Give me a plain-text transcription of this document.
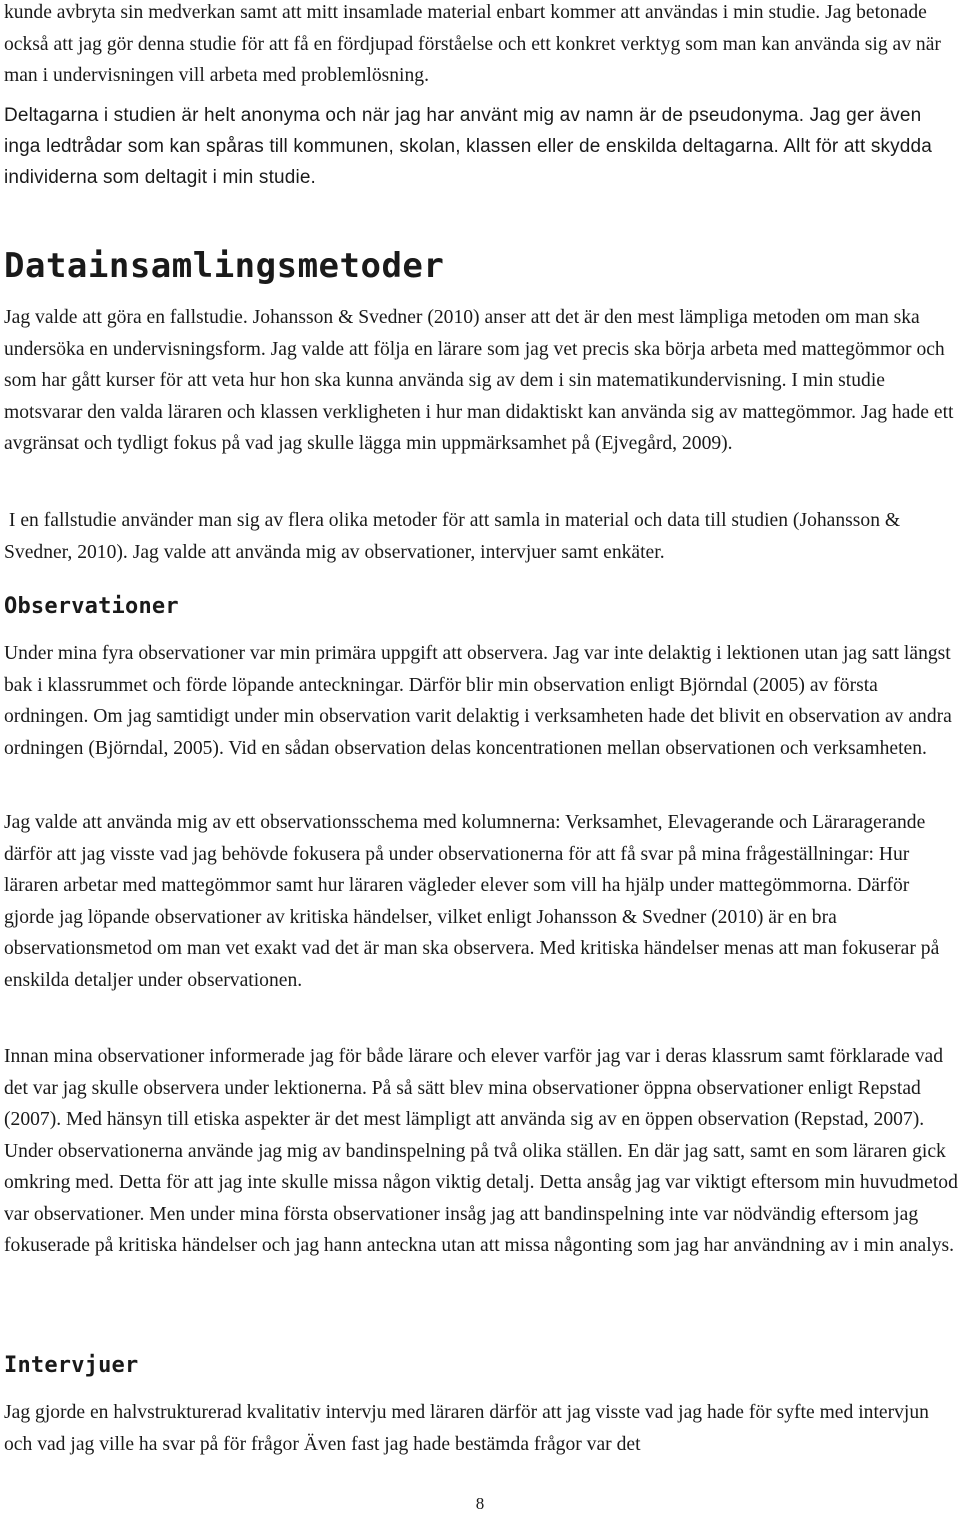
kunde avbryta sin medverkan samt att mitt insamlade material enbart kommer att användas i min studie. Jag betonade också att jag gör denna studie för att få en fördjupad förståelse och ett konkret verktyg som man kan använda sig av när man i undervisningen vill arbeta med problemlösning.

Deltagarna i studien är helt anonyma och när jag har använt mig av namn är de pseudonyma. Jag ger även inga ledtrådar som kan spåras till kommunen, skolan, klassen eller de enskilda deltagarna. Allt för att skydda individerna som deltagit i min studie.

Datainsamlingsmetoder

Jag valde att göra en fallstudie. Johansson & Svedner (2010) anser att det är den mest lämpliga metoden om man ska undersöka en undervisningsform. Jag valde att följa en lärare som jag vet precis ska börja arbeta med mattegömmor och som har gått kurser för att veta hur hon ska kunna använda sig av dem i sin matematikundervisning. I min studie motsvarar den valda läraren och klassen verkligheten i hur man didaktiskt kan använda sig av mattegömmor. Jag hade ett avgränsat och tydligt fokus på vad jag skulle lägga min uppmärksamhet på (Ejvegård, 2009).

I en fallstudie använder man sig av flera olika metoder för att samla in material och data till studien (Johansson & Svedner, 2010). Jag valde att använda mig av observationer, intervjuer samt enkäter.

Observationer

Under mina fyra observationer var min primära uppgift att observera. Jag var inte delaktig i lektionen utan jag satt längst bak i klassrummet och förde löpande anteckningar. Därför blir min observation enligt Björndal (2005) av första ordningen. Om jag samtidigt under min observation varit delaktig i verksamheten hade det blivit en observation av andra ordningen (Björndal, 2005). Vid en sådan observation delas koncentrationen mellan observationen och verksamheten.

Jag valde att använda mig av ett observationsschema med kolumnerna: Verksamhet, Elevagerande och Läraragerande därför att jag visste vad jag behövde fokusera på under observationerna för att få svar på mina frågeställningar: Hur läraren arbetar med mattegömmor samt hur läraren vägleder elever som vill ha hjälp under mattegömmorna. Därför gjorde jag löpande observationer av kritiska händelser, vilket enligt Johansson & Svedner (2010) är en bra observationsmetod om man vet exakt vad det är man ska observera. Med kritiska händelser menas att man fokuserar på enskilda detaljer under observationen.

Innan mina observationer informerade jag för både lärare och elever varför jag var i deras klassrum samt förklarade vad det var jag skulle observera under lektionerna. På så sätt blev mina observationer öppna observationer enligt Repstad (2007). Med hänsyn till etiska aspekter är det mest lämpligt att använda sig av en öppen observation (Repstad, 2007). Under observationerna använde jag mig av bandinspelning på två olika ställen. En där jag satt, samt en som läraren gick omkring med. Detta för att jag inte skulle missa någon viktig detalj. Detta ansåg jag var viktigt eftersom min huvudmetod var observationer. Men under mina första observationer insåg jag att bandinspelning inte var nödvändig eftersom jag fokuserade på kritiska händelser och jag hann anteckna utan att missa någonting som jag har användning av i min analys.

Intervjuer

Jag gjorde en halvstrukturerad kvalitativ intervju med läraren därför att jag visste vad jag hade för syfte med intervjun och vad jag ville ha svar på för frågor Även fast jag hade bestämda frågor var det

8
